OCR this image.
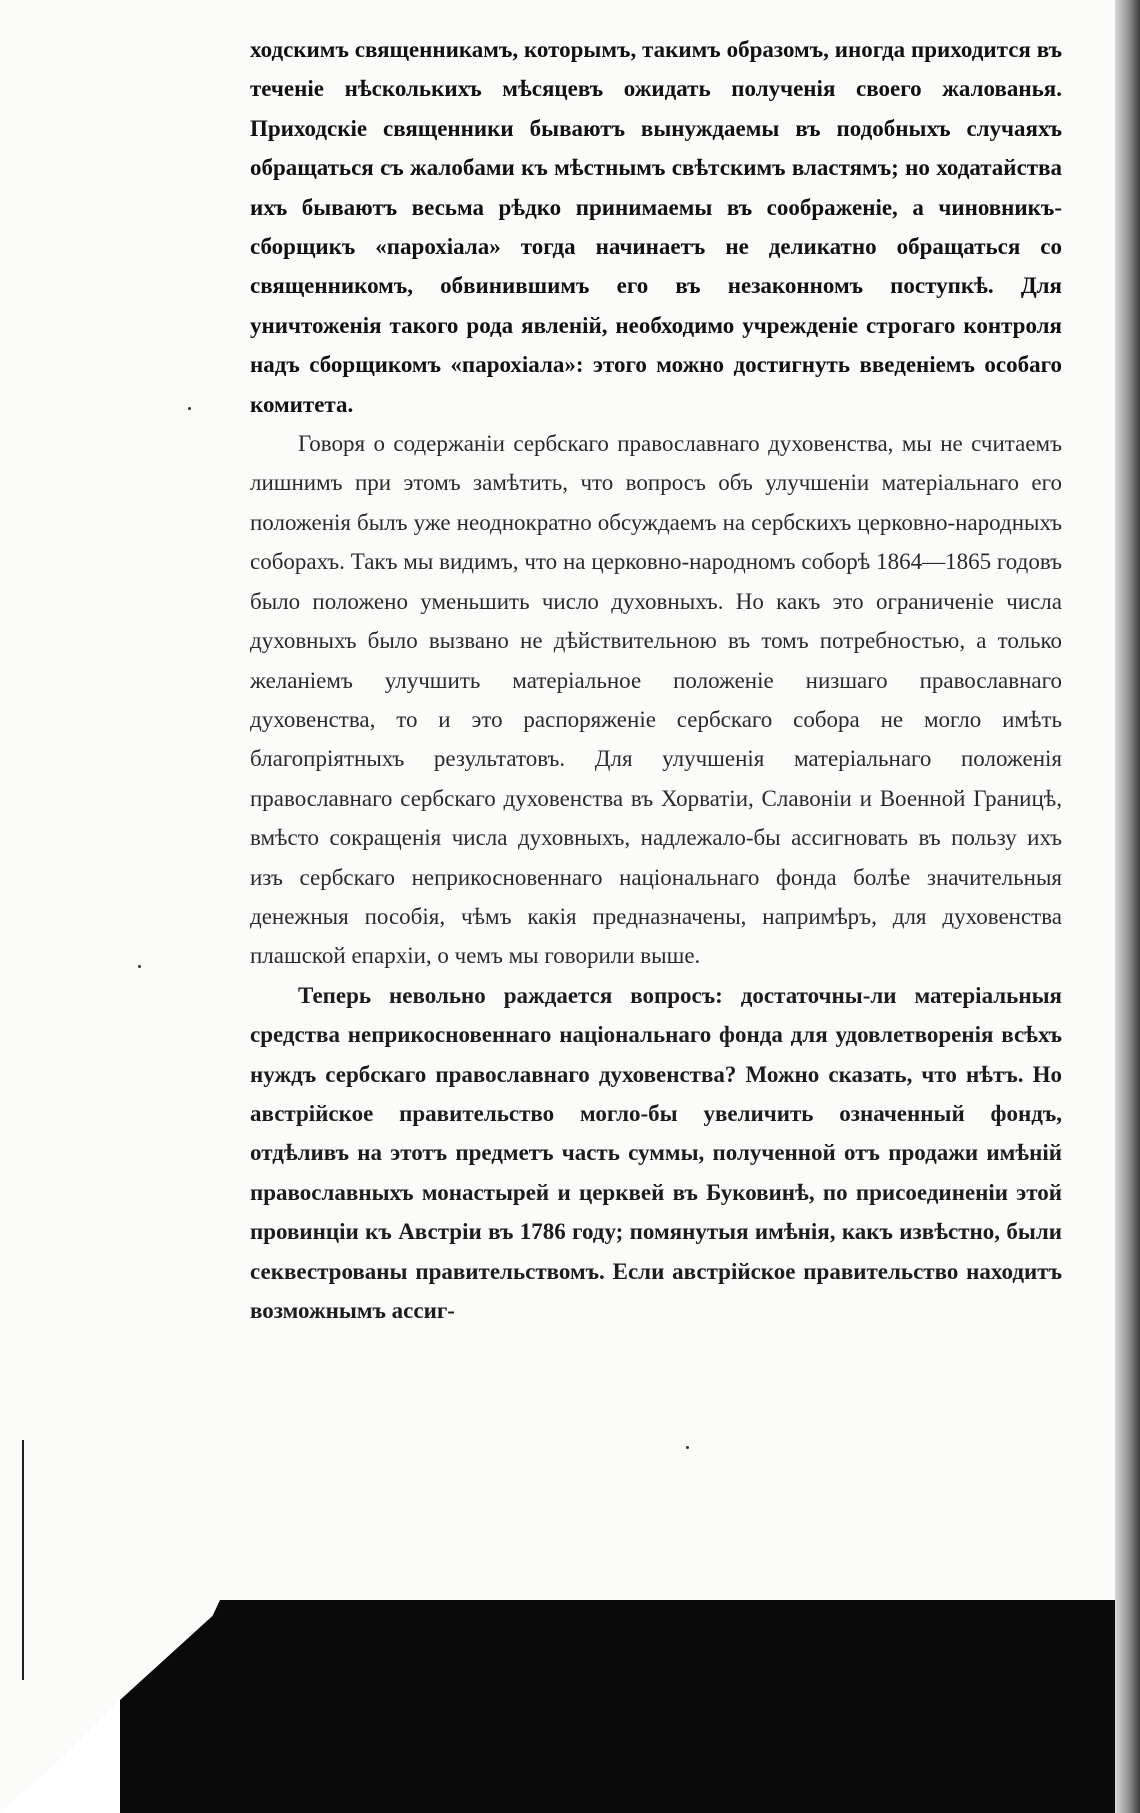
ходскимъ священникамъ, которымъ, такимъ образомъ, иногда приходится въ теченіе нѣсколькихъ мѣсяцевъ ожидать полученія своего жалованья. Приходскіе священники бываютъ вынуждаемы въ подобныхъ случаяхъ обращаться съ жалобами къ мѣстнымъ свѣтскимъ властямъ; но ходатайства ихъ бываютъ весьма рѣдко принимаемы въ соображеніе, а чиновникъ-сборщикъ «парохіала» тогда начинаетъ не деликатно обращаться со священникомъ, обвинившимъ его въ незаконномъ поступкѣ. Для уничтоженія такого рода явленій, необходимо учрежденіе строгаго контроля надъ сборщикомъ «парохіала»: этого можно достигнуть введеніемъ особаго комитета.

Говоря о содержаніи сербскаго православнаго духовенства, мы не считаемъ лишнимъ при этомъ замѣтить, что вопросъ объ улучшеніи матеріальнаго его положенія былъ уже неоднократно обсуждаемъ на сербскихъ церковно-народныхъ соборахъ. Такъ мы видимъ, что на церковно-народномъ соборѣ 1864—1865 годовъ было положено уменьшить число духовныхъ. Но какъ это ограниченіе числа духовныхъ было вызвано не дѣйствительною въ томъ потребностью, а только желаніемъ улучшить матеріальное положеніе низшаго православнаго духовенства, то и это распоряженіе сербскаго собора не могло имѣть благопріятныхъ результатовъ. Для улучшенія матеріальнаго положенія православнаго сербскаго духовенства въ Хорватіи, Славоніи и Военной Границѣ, вмѣсто сокращенія числа духовныхъ, надлежало-бы ассигновать въ пользу ихъ изъ сербскаго неприкосновеннаго національнаго фонда болѣе значительныя денежныя пособія, чѣмъ какія предназначены, напримѣръ, для духовенства плашской епархіи, о чемъ мы говорили выше.

Теперь невольно раждается вопросъ: достаточны-ли матеріальныя средства неприкосновеннаго національнаго фонда для удовлетворенія всѣхъ нуждъ сербскаго православнаго духовенства? Можно сказать, что нѣтъ. Но австрійское правительство могло-бы увеличить означенный фондъ, отдѣливъ на этотъ предметъ часть суммы, полученной отъ продажи имѣній православныхъ монастырей и церквей въ Буковинѣ, по присоединеніи этой провинціи къ Австріи въ 1786 году; помянутыя имѣнія, какъ извѣстно, были секвестрованы правительствомъ. Если австрійское правительство находитъ возможнымъ ассиг-
